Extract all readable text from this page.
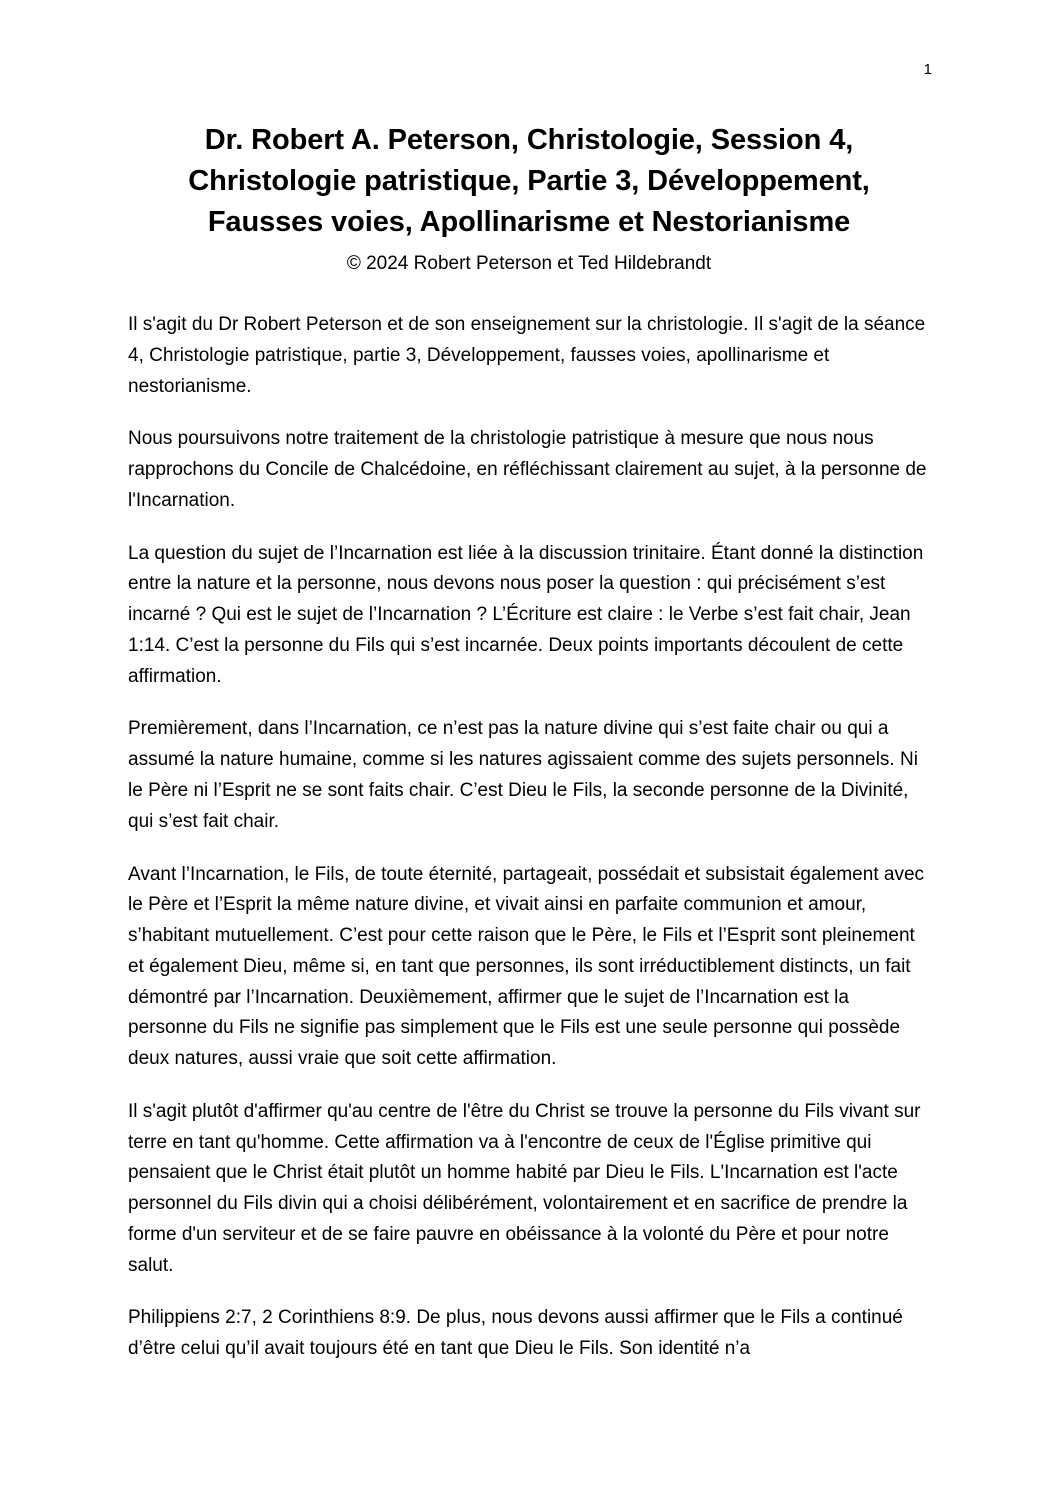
1
Dr. Robert A. Peterson, Christologie, Session 4,
Christologie patristique, Partie 3, Développement,
Fausses voies, Apollinarisme et Nestorianisme

© 2024 Robert Peterson et Ted Hildebrandt

Il s'agit du Dr Robert Peterson et de son enseignement sur la christologie. Il s'agit de la séance 4, Christologie patristique, partie 3, Développement, fausses voies, apollinarisme et nestorianisme.

Nous poursuivons notre traitement de la christologie patristique à mesure que nous nous rapprochons du Concile de Chalcédoine, en réfléchissant clairement au sujet, à la personne de l'Incarnation.

La question du sujet de l’Incarnation est liée à la discussion trinitaire. Étant donné la distinction entre la nature et la personne, nous devons nous poser la question : qui précisément s’est incarné ? Qui est le sujet de l’Incarnation ? L’Écriture est claire : le Verbe s’est fait chair, Jean 1:14. C’est la personne du Fils qui s’est incarnée. Deux points importants découlent de cette affirmation.

Premièrement, dans l’Incarnation, ce n’est pas la nature divine qui s’est faite chair ou qui a assumé la nature humaine, comme si les natures agissaient comme des sujets personnels. Ni le Père ni l’Esprit ne se sont faits chair. C’est Dieu le Fils, la seconde personne de la Divinité, qui s’est fait chair.

Avant l’Incarnation, le Fils, de toute éternité, partageait, possédait et subsistait également avec le Père et l’Esprit la même nature divine, et vivait ainsi en parfaite communion et amour, s’habitant mutuellement. C’est pour cette raison que le Père, le Fils et l’Esprit sont pleinement et également Dieu, même si, en tant que personnes, ils sont irréductiblement distincts, un fait démontré par l’Incarnation. Deuxièmement, affirmer que le sujet de l’Incarnation est la personne du Fils ne signifie pas simplement que le Fils est une seule personne qui possède deux natures, aussi vraie que soit cette affirmation.

Il s'agit plutôt d'affirmer qu'au centre de l'être du Christ se trouve la personne du Fils vivant sur terre en tant qu'homme. Cette affirmation va à l'encontre de ceux de l'Église primitive qui pensaient que le Christ était plutôt un homme habité par Dieu le Fils. L'Incarnation est l'acte personnel du Fils divin qui a choisi délibérément, volontairement et en sacrifice de prendre la forme d'un serviteur et de se faire pauvre en obéissance à la volonté du Père et pour notre salut.

Philippiens 2:7, 2 Corinthiens 8:9. De plus, nous devons aussi affirmer que le Fils a continué d’être celui qu’il avait toujours été en tant que Dieu le Fils. Son identité n’a
